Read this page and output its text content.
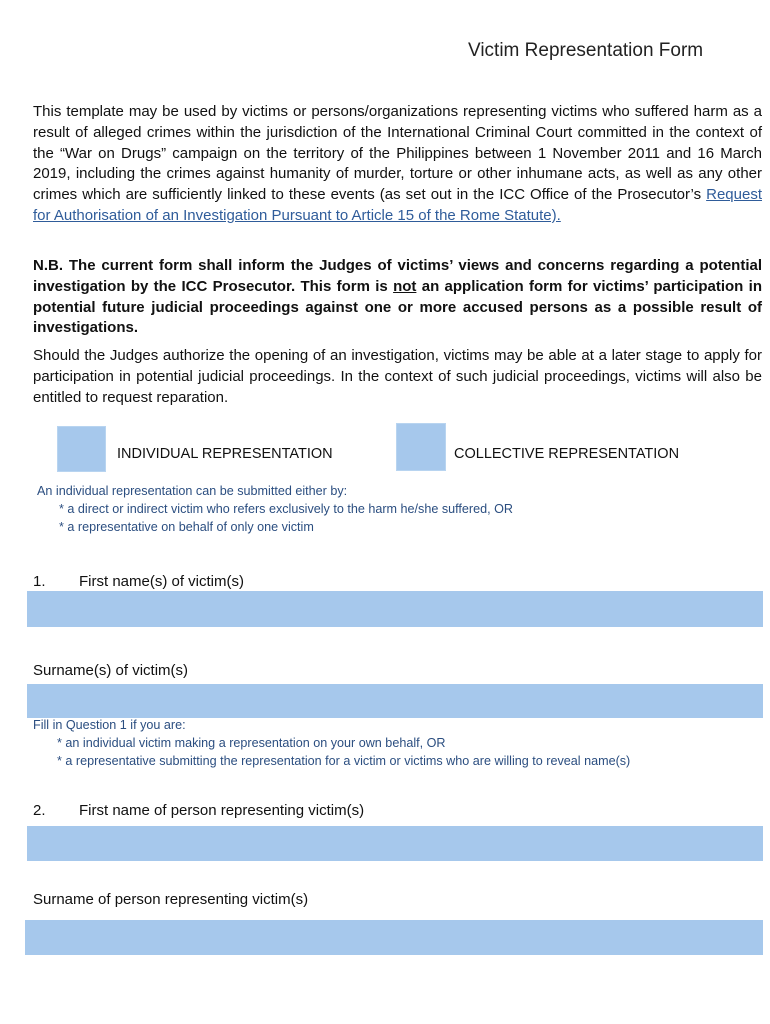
Victim Representation Form
This template may be used by victims or persons/organizations representing victims who suffered harm as a result of alleged crimes within the jurisdiction of the International Criminal Court committed in the context of the “War on Drugs” campaign on the territory of the Philippines between 1 November 2011 and 16 March 2019, including the crimes against humanity of murder, torture or other inhumane acts, as well as any other crimes which are sufficiently linked to these events (as set out in the ICC Office of the Prosecutor’s Request for Authorisation of an Investigation Pursuant to Article 15 of the Rome Statute).
N.B. The current form shall inform the Judges of victims’ views and concerns regarding a potential investigation by the ICC Prosecutor. This form is not an application form for victims’ participation in potential future judicial proceedings against one or more accused persons as a possible result of investigations.
Should the Judges authorize the opening of an investigation, victims may be able at a later stage to apply for participation in potential judicial proceedings. In the context of such judicial proceedings, victims will also be entitled to request reparation.
INDIVIDUAL REPRESENTATION	COLLECTIVE REPRESENTATION
An individual representation can be submitted either by:
* a direct or indirect victim who refers exclusively to the harm he/she suffered, OR
* a representative on behalf of only one victim
1. First name(s) of victim(s)
Surname(s) of victim(s)
Fill in Question 1 if you are:
* an individual victim making a representation on your own behalf, OR
* a representative submitting the representation for a victim or victims who are willing to reveal name(s)
2. First name of person representing victim(s)
Surname of person representing victim(s)
